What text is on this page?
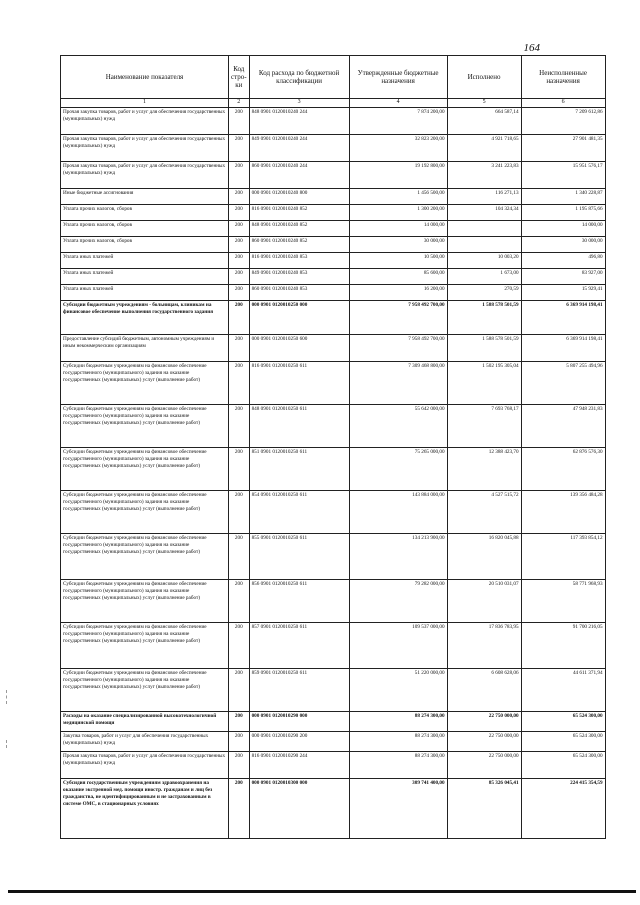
164
Наименование показателя	Код стро-ки	Код расхода по бюджетной классификации	Утвержденные бюджетные назначения	Исполнено	Неисполненные назначения
1	2	3	4	5	6
Прочая закупка товаров, работ и услуг для обеспечения государственных (муниципальных) нужд	200	848 0901 0120010240 244	7 874 200,00	664 587,14	7 209 612,86
Прочая закупка товаров, работ и услуг для обеспечения государственных (муниципальных) нужд	200	849 0901 0120010240 244	32 823 200,00	4 921 718,65	27 901 481,35
Прочая закупка товаров, работ и услуг для обеспечения государственных (муниципальных) нужд	200	860 0901 0120010240 244	19 192 800,00	3 241 223,83	15 951 576,17
Иные бюджетные ассигнования	200	000 0901 0120010240 800	1 456 500,00	116 271,13	1 340 228,87
Уплата прочих налогов, сборов	200	816 0901 0120010240 852	1 300 200,00	104 324,34	1 195 875,66
Уплата прочих налогов, сборов	200	848 0901 0120010240 852	14 000,00		14 000,00
Уплата прочих налогов, сборов	200	860 0901 0120010240 852	30 000,00		30 000,00
Уплата иных платежей	200	816 0901 0120010240 853	10 500,00	10 003,20	496,80
Уплата иных платежей	200	849 0901 0120010240 853	85 600,00	1 673,00	83 927,00
Уплата иных платежей	200	860 0901 0120010240 853	16 200,00	270,59	15 929,41
Субсидии бюджетным учреждениям - больницам, клиникам на финансовое обеспечение выполнения государственного задания	200	000 0901 0120010250 000	7 958 492 700,00	1 588 578 501,59	6 369 914 198,41
Предоставление субсидий бюджетным, автономным учреждениям и иным некоммерческим организациям	200	000 0901 0120010250 600	7 958 492 700,00	1 588 578 501,59	6 369 914 198,41
Субсидии бюджетным учреждениям на финансовое обеспечение государственного (муниципального) задания на оказание государственных (муниципальных) услуг (выполнение работ)	200	816 0901 0120010250 611	7 309 468 800,00	1 502 195 305,04	5 807 255 494,96
Субсидии бюджетным учреждениям на финансовое обеспечение государственного (муниципального) задания на оказание государственных (муниципальных) услуг (выполнение работ)	200	848 0901 0120010250 611	55 642 000,00	7 693 768,17	47 948 231,83
Субсидии бюджетным учреждениям на финансовое обеспечение государственного (муниципального) задания на оказание государственных (муниципальных) услуг (выполнение работ)	200	851 0901 0120010250 611	75 265 000,00	12 388 423,70	62 876 576,30
Субсидии бюджетным учреждениям на финансовое обеспечение государственного (муниципального) задания на оказание государственных (муниципальных) услуг (выполнение работ)	200	854 0901 0120010250 611	143 884 000,00	4 527 515,72	139 356 484,28
Субсидии бюджетным учреждениям на финансовое обеспечение государственного (муниципального) задания на оказание государственных (муниципальных) услуг (выполнение работ)	200	855 0901 0120010250 611	134 213 900,00	16 820 045,88	117 393 854,12
Субсидии бюджетным учреждениям на финансовое обеспечение государственного (муниципального) задания на оказание государственных (муниципальных) услуг (выполнение работ)	200	856 0901 0120010250 611	79 282 000,00	20 510 031,07	58 771 968,93
Субсидии бюджетным учреждениям на финансовое обеспечение государственного (муниципального) задания на оказание государственных (муниципальных) услуг (выполнение работ)	200	857 0901 0120010250 611	109 537 000,00	17 836 783,95	91 700 216,05
Субсидии бюджетным учреждениям на финансовое обеспечение государственного (муниципального) задания на оказание государственных (муниципальных) услуг (выполнение работ)	200	859 0901 0120010250 611	51 220 000,00	6 608 628,06	44 611 371,94
Расходы на оказание специализированной высокотехнологичной медицинской помощи	200	000 0901 0120010290 000	88 274 300,00	22 750 000,00	65 524 300,00
Закупка товаров, работ и услуг для обеспечения государственных (муниципальных) нужд	200	000 0901 0120010290 200	88 274 300,00	22 750 000,00	65 524 300,00
Прочая закупка товаров, работ и услуг для обеспечения государственных (муниципальных) нужд	200	816 0901 0120010290 244	88 274 300,00	22 750 000,00	65 524 300,00
Субсидия государственным учреждениям здравоохранения на оказание экстренной мед. помощи иностр. гражданам и лиц без гражданства, не идентифицированным и не застрахованным в системе ОМС, в стационарных условиях	200	000 0901 0120010300 000	309 741 400,00	85 326 045,41	224 415 354,59
